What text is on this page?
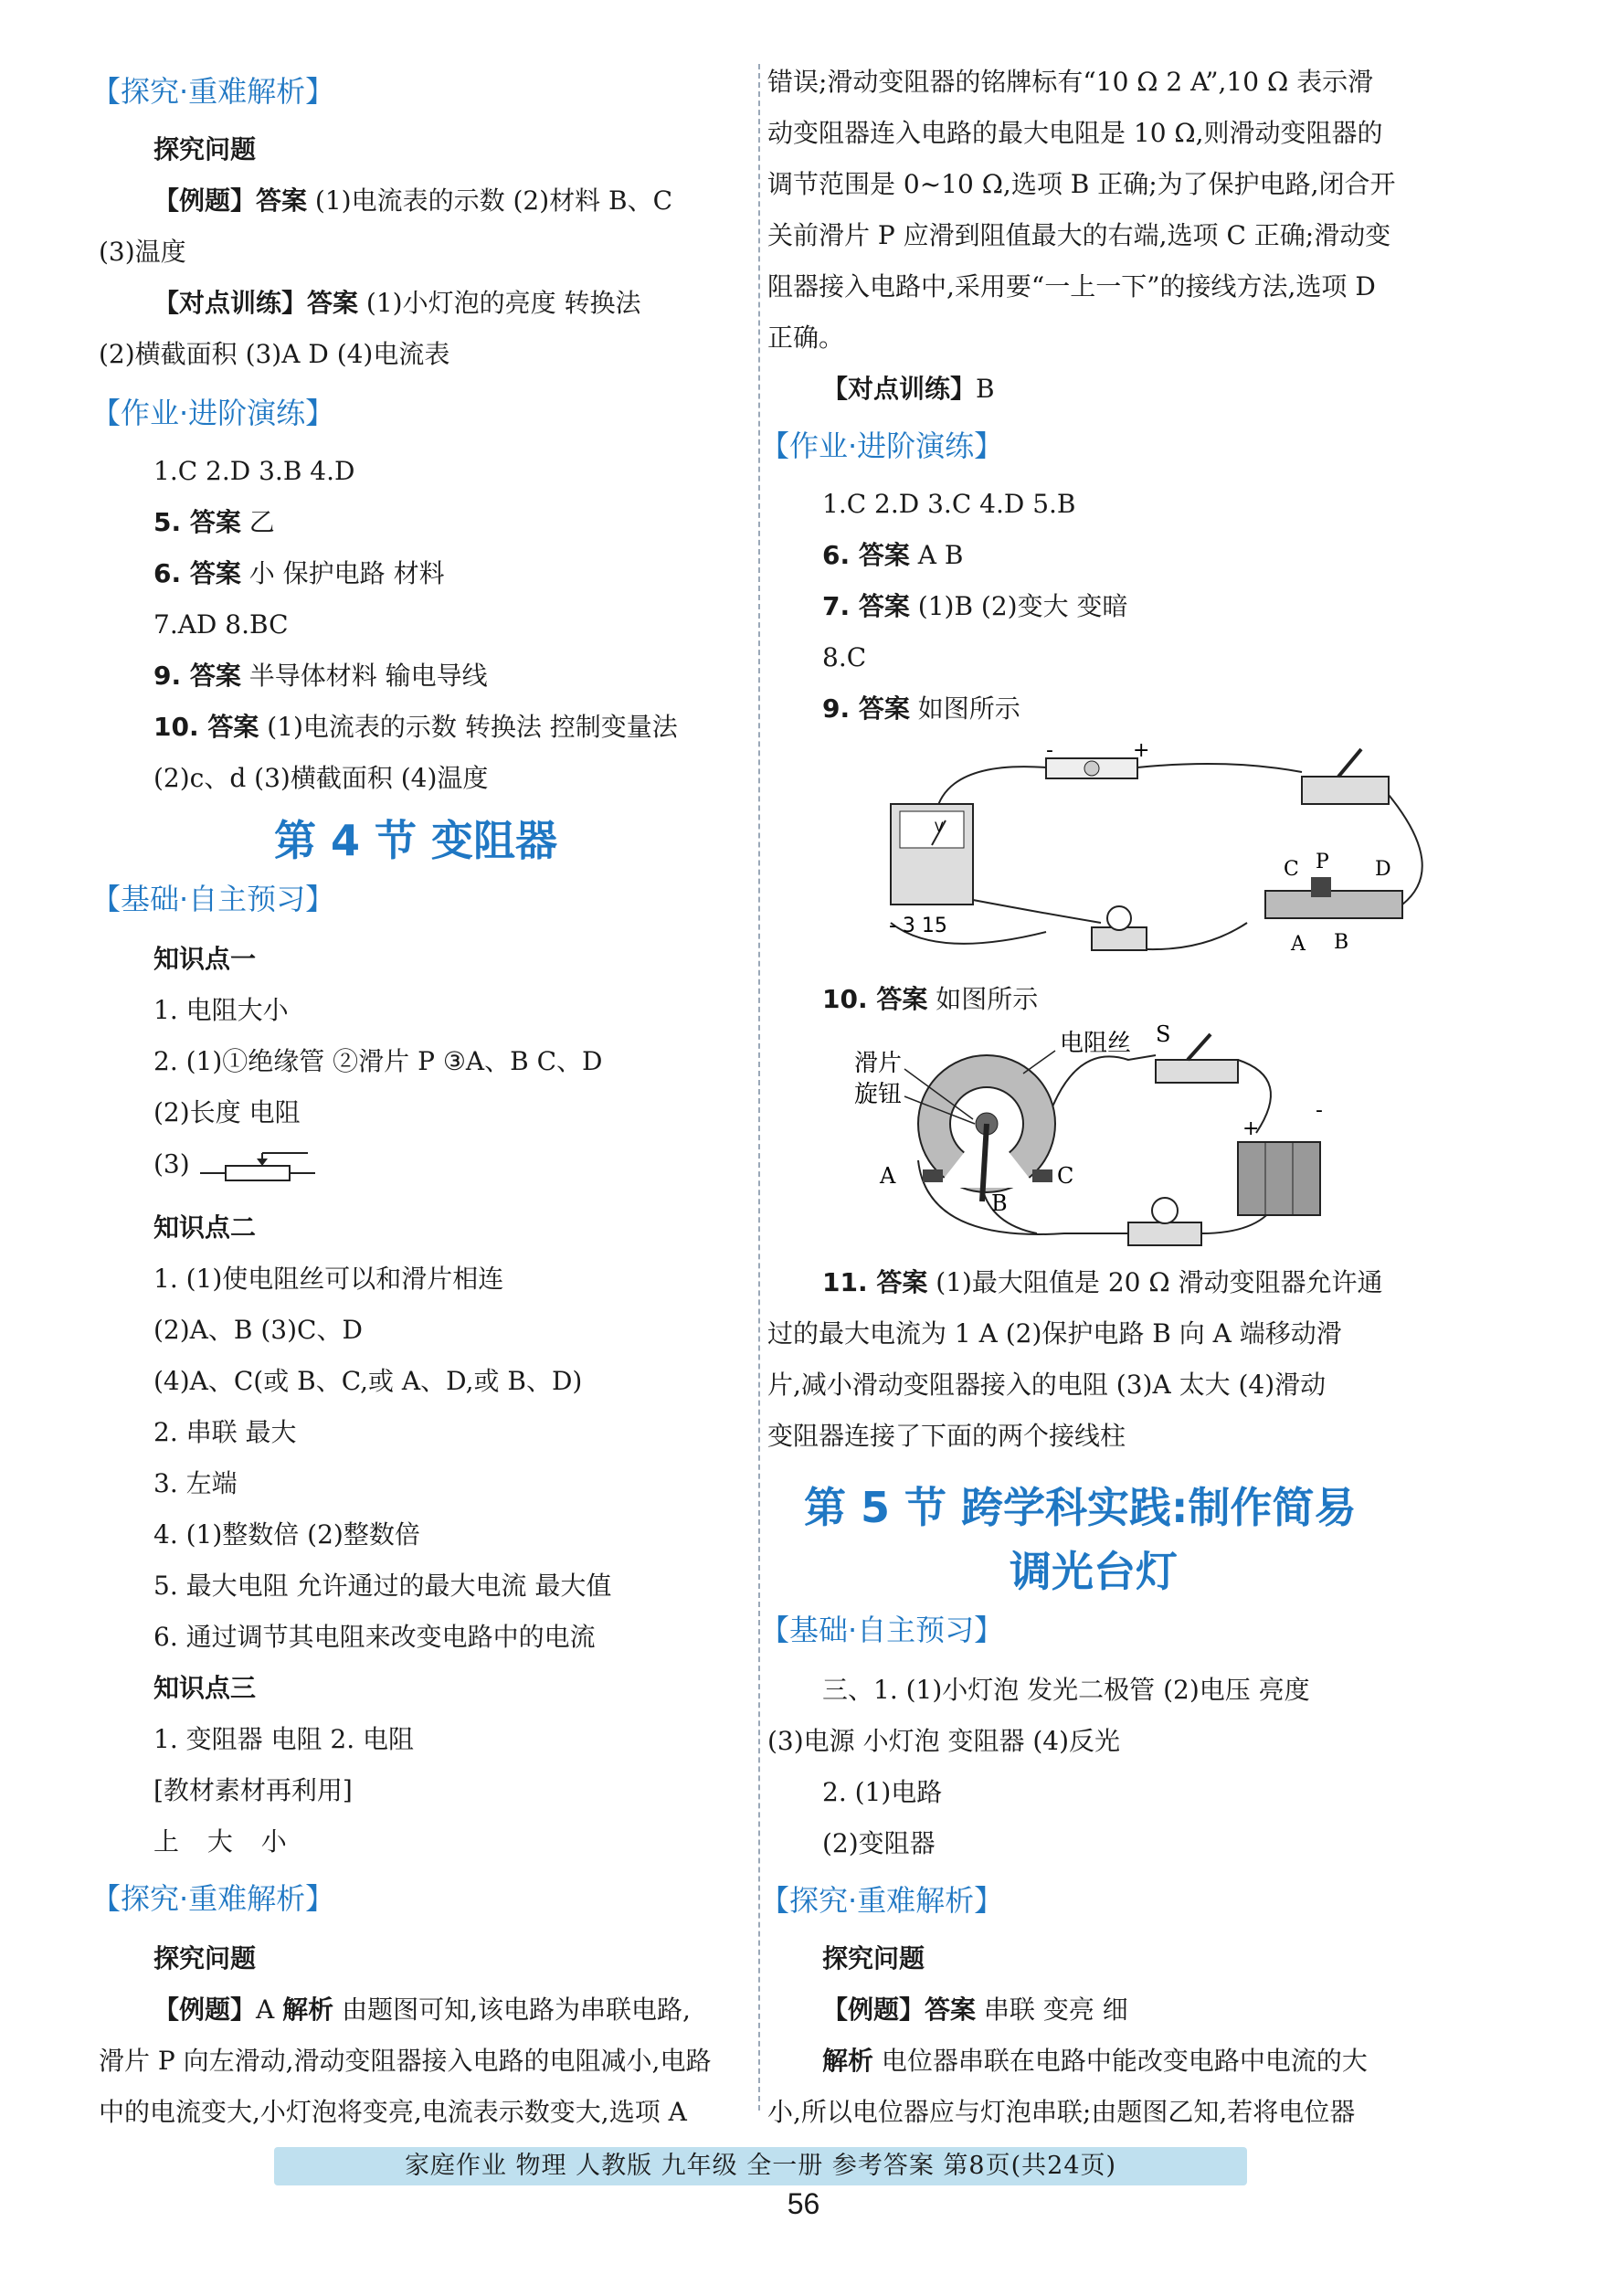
【探究·重难解析】
探究问题
【例题】答案 (1)电流表的示数 (2)材料 B、C
(3)温度
【对点训练】答案 (1)小灯泡的亮度 转换法
(2)横截面积 (3)A D (4)电流表
【作业·进阶演练】
1.C 2.D 3.B 4.D
5. 答案 乙
6. 答案 小 保护电路 材料
7.AD 8.BC
9. 答案 半导体材料 输电导线
10. 答案 (1)电流表的示数 转换法 控制变量法
(2)c、d (3)横截面积 (4)温度
第 4 节 变阻器
【基础·自主预习】
知识点一
1. 电阻大小
2. (1)①绝缘管 ②滑片 P ③A、B C、D
(2)长度 电阻
(3)
知识点二
1. (1)使电阻丝可以和滑片相连
(2)A、B (3)C、D
(4)A、C(或 B、C,或 A、D,或 B、D)
2. 串联 最大
3. 左端
4. (1)整数倍 (2)整数倍
5. 最大电阻 允许通过的最大电流 最大值
6. 通过调节其电阻来改变电路中的电流
知识点三
1. 变阻器 电阻 2. 电阻
[教材素材再利用]
上 大 小
【探究·重难解析】
探究问题
【例题】A 解析 由题图可知,该电路为串联电路,
滑片 P 向左滑动,滑动变阻器接入电路的电阻减小,电路
中的电流变大,小灯泡将变亮,电流表示数变大,选项 A
错误;滑动变阻器的铭牌标有“10 Ω 2 A”,10 Ω 表示滑
动变阻器连入电路的最大电阻是 10 Ω,则滑动变阻器的
调节范围是 0~10 Ω,选项 B 正确;为了保护电路,闭合开
关前滑片 P 应滑到阻值最大的右端,选项 C 正确;滑动变
阻器接入电路中,采用要“一上一下”的接线方法,选项 D
正确。
【对点训练】B
【作业·进阶演练】
1.C 2.D 3.C 4.D 5.B
6. 答案 A B
7. 答案 (1)B (2)变大 变暗
8.C
9. 答案 如图所示
-	+
V
- 3 15
C P D
A B
10. 答案 如图所示
电阻丝
滑片
旋钮
A
B
C
S
+
-
11. 答案 (1)最大阻值是 20 Ω 滑动变阻器允许通
过的最大电流为 1 A (2)保护电路 B 向 A 端移动滑
片,减小滑动变阻器接入的电阻 (3)A 太大 (4)滑动
变阻器连接了下面的两个接线柱
第 5 节 跨学科实践:制作简易
调光台灯
【基础·自主预习】
三、1. (1)小灯泡 发光二极管 (2)电压 亮度
(3)电源 小灯泡 变阻器 (4)反光
2. (1)电路
(2)变阻器
【探究·重难解析】
探究问题
【例题】答案 串联 变亮 细
解析 电位器串联在电路中能改变电路中电流的大
小,所以电位器应与灯泡串联;由题图乙知,若将电位器
家庭作业 物理 人教版 九年级 全一册 参考答案 第8页(共24页)
56
